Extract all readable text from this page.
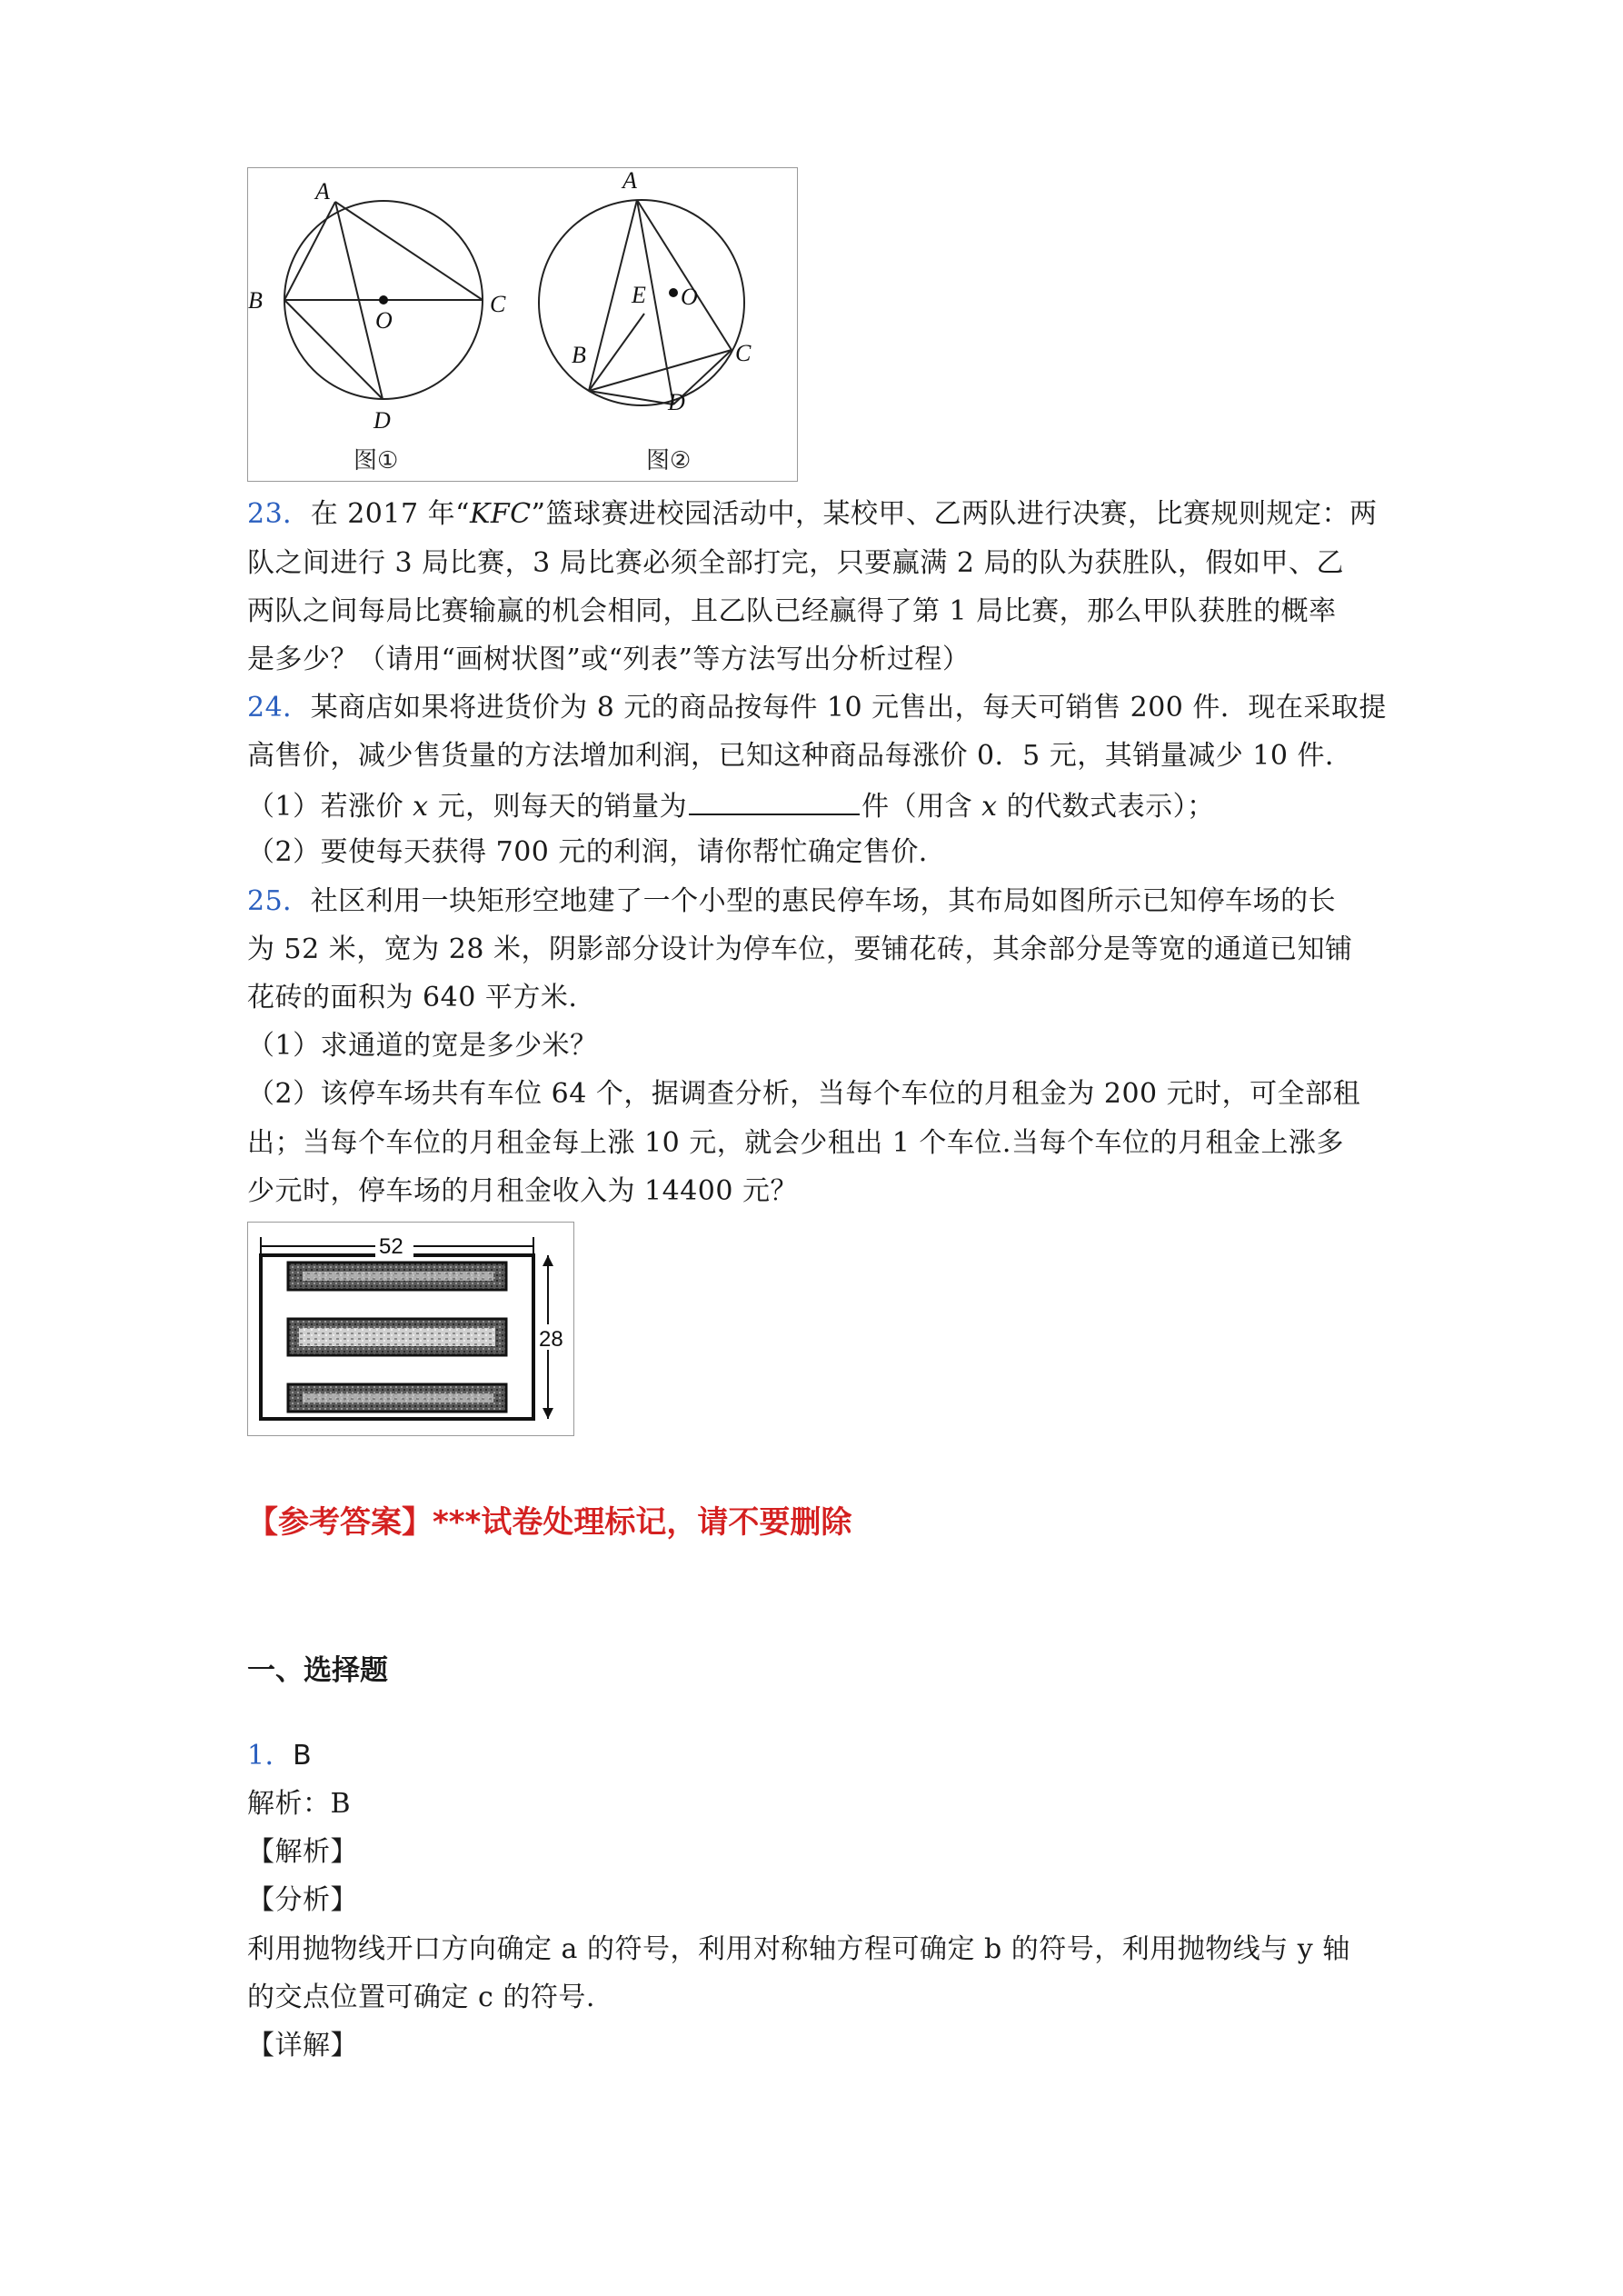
A
B	C
O
D
图①
A
E O
B	C
D
图②
23．在 2017 年“KFC”篮球赛进校园活动中，某校甲、乙两队进行决赛，比赛规则规定：两
队之间进行 3 局比赛，3 局比赛必须全部打完，只要赢满 2 局的队为获胜队，假如甲、乙
两队之间每局比赛输赢的机会相同，且乙队已经赢得了第 1 局比赛，那么甲队获胜的概率
是多少？（请用“画树状图”或“列表”等方法写出分析过程）
24．某商店如果将进货价为 8 元的商品按每件 10 元售出，每天可销售 200 件．现在采取提
高售价，减少售货量的方法增加利润，已知这种商品每涨价 0．5 元，其销量减少 10 件．
（1）若涨价 x 元，则每天的销量为	件（用含 x 的代数式表示）；
（2）要使每天获得 700 元的利润，请你帮忙确定售价．
25．社区利用一块矩形空地建了一个小型的惠民停车场，其布局如图所示已知停车场的长
为 52 米，宽为 28 米，阴影部分设计为停车位，要铺花砖，其余部分是等宽的通道已知铺
花砖的面积为 640 平方米.
（1）求通道的宽是多少米？
（2）该停车场共有车位 64 个，据调查分析，当每个车位的月租金为 200 元时，可全部租
出；当每个车位的月租金每上涨 10 元，就会少租出 1 个车位.当每个车位的月租金上涨多
少元时，停车场的月租金收入为 14400 元？
52
28
【参考答案】***试卷处理标记，请不要删除
一、选择题
1．B
解析：B
【解析】
【分析】
利用抛物线开口方向确定 a 的符号，利用对称轴方程可确定 b 的符号，利用抛物线与 y 轴
的交点位置可确定 c 的符号.
【详解】
